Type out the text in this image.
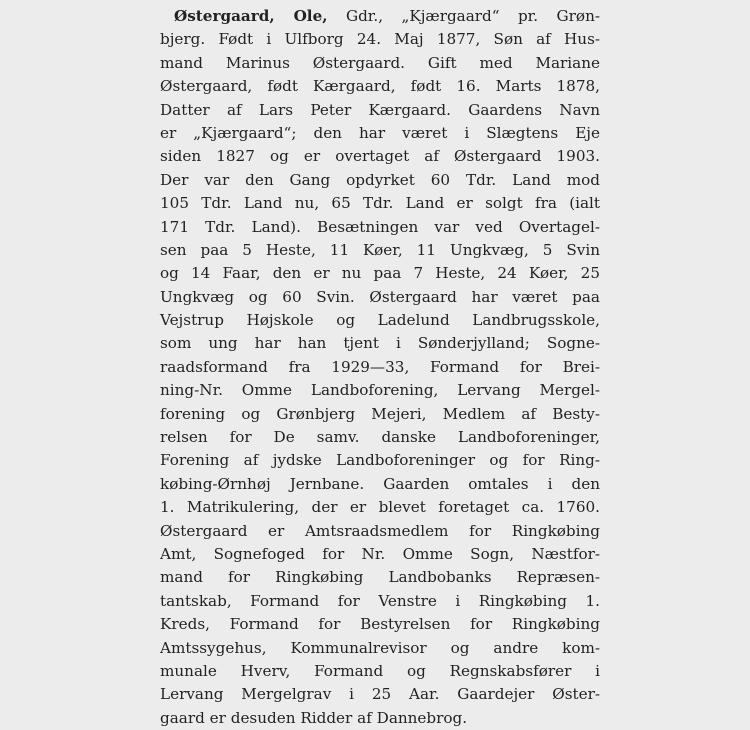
Østergaard, Ole, Gdr., „Kjærgaard“ pr. Grøn-
bjerg. Født i Ulfborg 24. Maj 1877, Søn af Hus-
mand Marinus Østergaard. Gift med Mariane
Østergaard, født Kærgaard, født 16. Marts 1878,
Datter af Lars Peter Kærgaard. Gaardens Navn
er „Kjærgaard“; den har været i Slægtens Eje
siden 1827 og er overtaget af Østergaard 1903.
Der var den Gang opdyrket 60 Tdr. Land mod
105 Tdr. Land nu, 65 Tdr. Land er solgt fra (ialt
171 Tdr. Land). Besætningen var ved Overtagel-
sen paa 5 Heste, 11 Køer, 11 Ungkvæg, 5 Svin
og 14 Faar, den er nu paa 7 Heste, 24 Køer, 25
Ungkvæg og 60 Svin. Østergaard har været paa
Vejstrup Højskole og Ladelund Landbrugsskole,
som ung har han tjent i Sønderjylland; Sogne-
raadsformand fra 1929—33, Formand for Brei-
ning-Nr. Omme Landboforening, Lervang Mergel-
forening og Grønbjerg Mejeri, Medlem af Besty-
relsen for De samv. danske Landboforeninger,
Forening af jydske Landboforeninger og for Ring-
købing-Ørnhøj Jernbane. Gaarden omtales i den
1. Matrikulering, der er blevet foretaget ca. 1760.
Østergaard er Amtsraadsmedlem for Ringkøbing
Amt, Sognefoged for Nr. Omme Sogn, Næstfor-
mand for Ringkøbing Landbobanks Repræsen-
tantskab, Formand for Venstre i Ringkøbing 1.
Kreds, Formand for Bestyrelsen for Ringkøbing
Amtssygehus, Kommunalrevisor og andre kom-
munale Hverv, Formand og Regnskabsfører i
Lervang Mergelgrav i 25 Aar. Gaardejer Øster-
gaard er desuden Ridder af Dannebrog.
